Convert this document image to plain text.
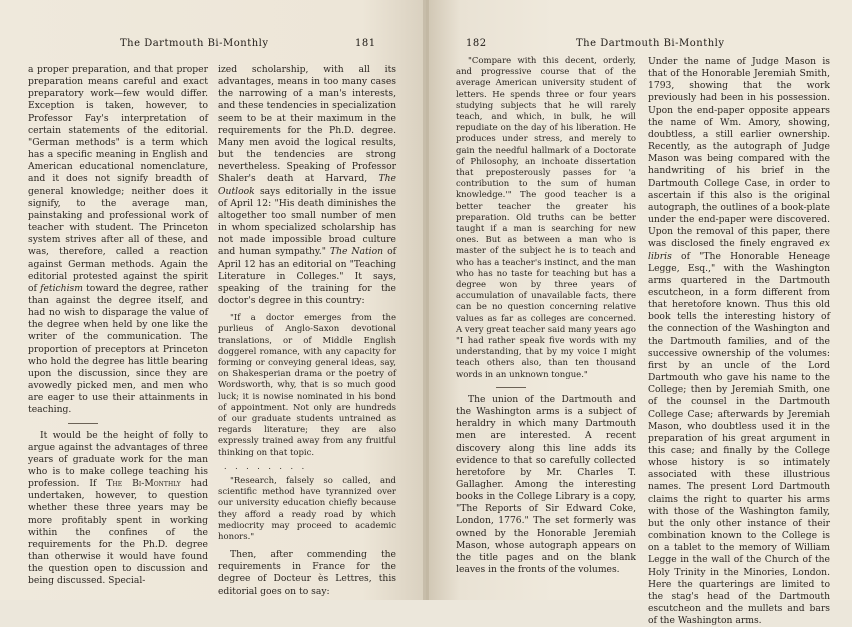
The Dartmouth Bi-Monthly	181

a proper preparation, and that proper preparation means careful and exact preparatory work—few would differ. Exception is taken, however, to Professor Fay's interpretation of certain statements of the editorial. "German methods" is a term which has a specific meaning in English and American educational nomenclature, and it does not signify breadth of general knowledge; neither does it signify, to the average man, painstaking and professional work of teacher with student. The Princeton system strives after all of these, and was, therefore, called a reaction against German methods. Again the editorial protested against the spirit of fetichism toward the degree, rather than against the degree itself, and had no wish to disparage the value of the degree when held by one like the writer of the communication. The proportion of preceptors at Princeton who hold the degree has little bearing upon the discussion, since they are avowedly picked men, and men who are eager to use their attainments in teaching.

It would be the height of folly to argue against the advantages of three years of graduate work for the man who is to make college teaching his profession. If The Bi-Monthly had undertaken, however, to question whether these three years may be more profitably spent in working within the confines of the requirements for the Ph.D. degree than otherwise it would have found the question open to discussion and being discussed. Special-

ized scholarship, with all its advantages, means in too many cases the narrowing of a man's interests, and these tendencies in specialization seem to be at their maximum in the requirements for the Ph.D. degree. Many men avoid the logical results, but the tendencies are strong nevertheless. Speaking of Professor Shaler's death at Harvard, The Outlook says editorially in the issue of April 12: "His death diminishes the altogether too small number of men in whom specialized scholarship has not made impossible broad culture and human sympathy." The Nation of April 12 has an editorial on "Teaching Literature in Colleges." It says, speaking of the training for the doctor's degree in this country:

"If a doctor emerges from the purlieus of Anglo-Saxon devotional translations, or of Middle English doggerel romance, with any capacity for forming or conveying general ideas, say, on Shakesperian drama or the poetry of Wordsworth, why, that is so much good luck; it is nowise nominated in his bond of appointment. Not only are hundreds of our graduate students untrained as regards literature; they are also expressly trained away from any fruitful thinking on that topic.

. . . . . . . .

"Research, falsely so called, and scientific method have tyrannized over our university education chiefly because they afford a ready road by which mediocrity may proceed to academic honors."

Then, after commending the requirements in France for the degree of Docteur ès Lettres, this editorial goes on to say:

182	The Dartmouth Bi-Monthly

"Compare with this decent, orderly, and progressive course that of the average American university student of letters. He spends three or four years studying subjects that he will rarely teach, and which, in bulk, he will repudiate on the day of his liberation. He produces under stress, and merely to gain the needful hallmark of a Doctorate of Philosophy, an inchoate dissertation that preposterously passes for 'a contribution to the sum of human knowledge.'" The good teacher is a better teacher the greater his preparation. Old truths can be better taught if a man is searching for new ones. But as between a man who is master of the subject he is to teach and who has a teacher's instinct, and the man who has no taste for teaching but has a degree won by three years of accumulation of unavailable facts, there can be no question concerning relative values as far as colleges are concerned. A very great teacher said many years ago "I had rather speak five words with my understanding, that by my voice I might teach others also, than ten thousand words in an unknown tongue."

The union of the Dartmouth and the Washington arms is a subject of heraldry in which many Dartmouth men are interested. A recent discovery along this line adds its evidence to that so carefully collected heretofore by Mr. Charles T. Gallagher. Among the interesting books in the College Library is a copy, "The Reports of Sir Edward Coke, London, 1776." The set formerly was owned by the Honorable Jeremiah Mason, whose autograph appears on the title pages and on the blank leaves in the fronts of the volumes.

Under the name of Judge Mason is that of the Honorable Jeremiah Smith, 1793, showing that the work previously had been in his possession. Upon the end-paper opposite appears the name of Wm. Amory, showing, doubtless, a still earlier ownership. Recently, as the autograph of Judge Mason was being compared with the handwriting of his brief in the Dartmouth College Case, in order to ascertain if this also is the original autograph, the outlines of a book-plate under the end-paper were discovered. Upon the removal of this paper, there was disclosed the finely engraved ex libris of "The Honorable Heneage Legge, Esq.," with the Washington arms quartered in the Dartmouth escutcheon, in a form different from that heretofore known. Thus this old book tells the interesting history of the connection of the Washington and the Dartmouth families, and of the successive ownership of the volumes: first by an uncle of the Lord Dartmouth who gave his name to the College; then by Jeremiah Smith, one of the counsel in the Dartmouth College Case; afterwards by Jeremiah Mason, who doubtless used it in the preparation of his great argument in this case; and finally by the College whose history is so intimately associated with these illustrious names. The present Lord Dartmouth claims the right to quarter his arms with those of the Washington family, but the only other instance of their combination known to the College is on a tablet to the memory of William Legge in the wall of the Church of the Holy Trinity in the Minories, London. Here the quarterings are limited to the stag's head of the Dartmouth escutcheon and the mullets and bars of the Washington arms.
